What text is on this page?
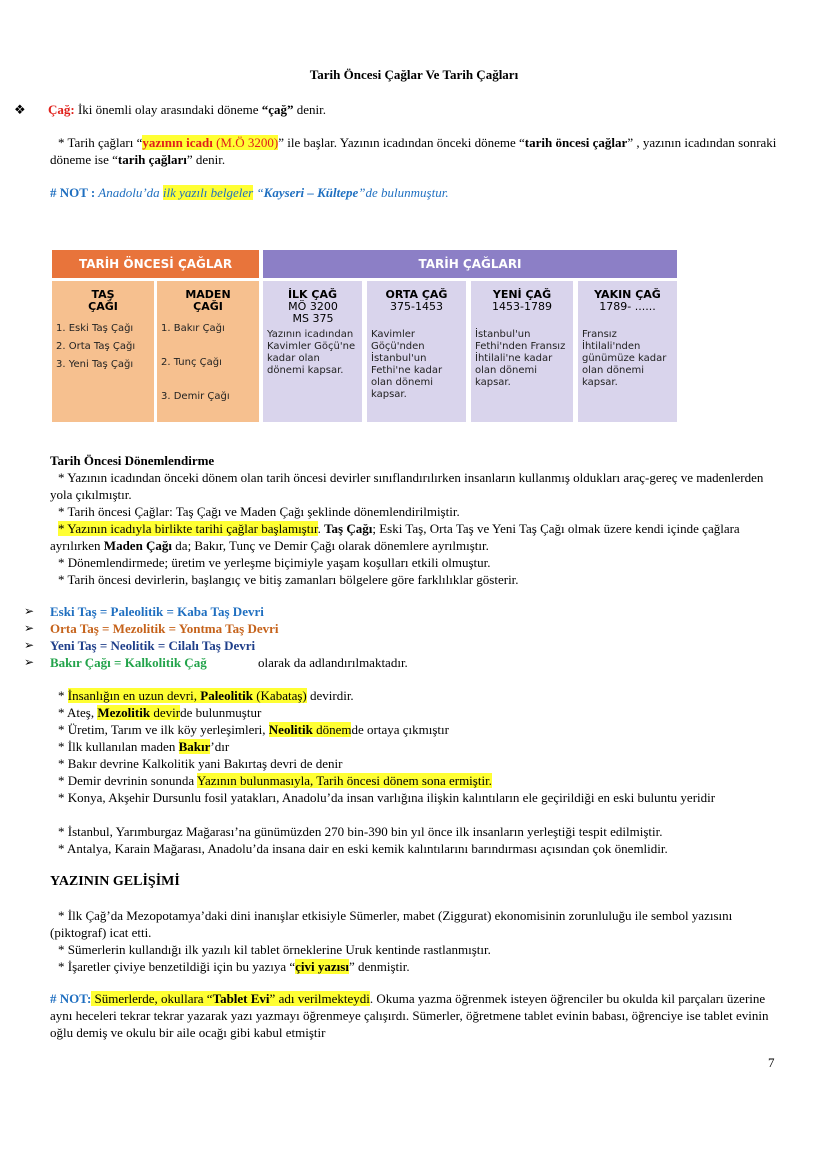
Tarih Öncesi Çağlar Ve Tarih Çağları
❖ Çağ: İki önemli olay arasındaki döneme “çağ” denir.
* Tarih çağları “yazının icadı (M.Ö 3200)” ile başlar. Yazının icadından önceki döneme “tarih öncesi çağlar” , yazının icadından sonraki döneme ise “tarih çağları” denir.
# NOT : Anadolu’da ilk yazılı belgeler “Kayseri – Kültepe”de bulunmuştur.
TARİH ÖNCESİ ÇAĞLAR	TARİH ÇAĞLARI
TAŞ ÇAĞI
1. Eski Taş Çağı
2. Orta Taş Çağı
3. Yeni Taş Çağı
MADEN ÇAĞI
1. Bakır Çağı
2. Tunç Çağı
3. Demir Çağı
İLK ÇAĞ
MÖ 3200 MS 375
Yazının icadından Kavimler Göçü'ne kadar olan dönemi kapsar.
ORTA ÇAĞ
375-1453
Kavimler Göçü'nden İstanbul'un Fethi'ne kadar olan dönemi kapsar.
YENİ ÇAĞ
1453-1789
İstanbul'un Fethi'nden Fransız İhtilali'ne kadar olan dönemi kapsar.
YAKIN ÇAĞ
1789- ......
Fransız İhtilali'nden günümüze kadar olan dönemi kapsar.
Tarih Öncesi Dönemlendirme
* Yazının icadından önceki dönem olan tarih öncesi devirler sınıflandırılırken insanların kullanmış oldukları araç-gereç ve madenlerden yola çıkılmıştır.
* Tarih öncesi Çağlar: Taş Çağı ve Maden Çağı şeklinde dönemlendirilmiştir.
* Yazının icadıyla birlikte tarihi çağlar başlamıştır. Taş Çağı; Eski Taş, Orta Taş ve Yeni Taş Çağı olmak üzere kendi içinde çağlara ayrılırken Maden Çağı da; Bakır, Tunç ve Demir Çağı olarak dönemlere ayrılmıştır.
* Dönemlendirmede; üretim ve yerleşme biçimiyle yaşam koşulları etkili olmuştur.
* Tarih öncesi devirlerin, başlangıç ve bitiş zamanları bölgelere göre farklılıklar gösterir.
➢ Eski Taş = Paleolitik = Kaba Taş Devri
➢ Orta Taş = Mezolitik = Yontma Taş Devri
➢ Yeni Taş = Neolitik = Cilalı Taş Devri
➢ Bakır Çağı = Kalkolitik Çağ	olarak da adlandırılmaktadır.
* İnsanlığın en uzun devri, Paleolitik (Kabataş) devirdir.
* Ateş, Mezolitik devirde bulunmuştur
* Üretim, Tarım ve ilk köy yerleşimleri, Neolitik dönemde ortaya çıkmıştır
* İlk kullanılan maden Bakır’dır
* Bakır devrine Kalkolitik yani Bakırtaş devri de denir
* Demir devrinin sonunda Yazının bulunmasıyla, Tarih öncesi dönem sona ermiştir.
* Konya, Akşehir Dursunlu fosil yatakları, Anadolu’da insan varlığına ilişkin kalıntıların ele geçirildiği en eski buluntu yeridir
* İstanbul, Yarımburgaz Mağarası’na günümüzden 270 bin-390 bin yıl önce ilk insanların yerleştiği tespit edilmiştir.
* Antalya, Karain Mağarası, Anadolu’da insana dair en eski kemik kalıntılarını barındırması açısından çok önemlidir.
YAZININ GELİŞİMİ
* İlk Çağ’da Mezopotamya’daki dini inanışlar etkisiyle Sümerler, mabet (Ziggurat) ekonomisinin zorunluluğu ile sembol yazısını (piktograf) icat etti.
* Sümerlerin kullandığı ilk yazılı kil tablet örneklerine Uruk kentinde rastlanmıştır.
* İşaretler çiviye benzetildiği için bu yazıya “çivi yazısı” denmiştir.
# NOT: Sümerlerde, okullara “Tablet Evi” adı verilmekteydi. Okuma yazma öğrenmek isteyen öğrenciler bu okulda kil parçaları üzerine aynı heceleri tekrar tekrar yazarak yazı yazmayı öğrenmeye çalışırdı. Sümerler, öğretmene tablet evinin babası, öğrenciye ise tablet evinin oğlu demiş ve okulu bir aile ocağı gibi kabul etmiştir
7
